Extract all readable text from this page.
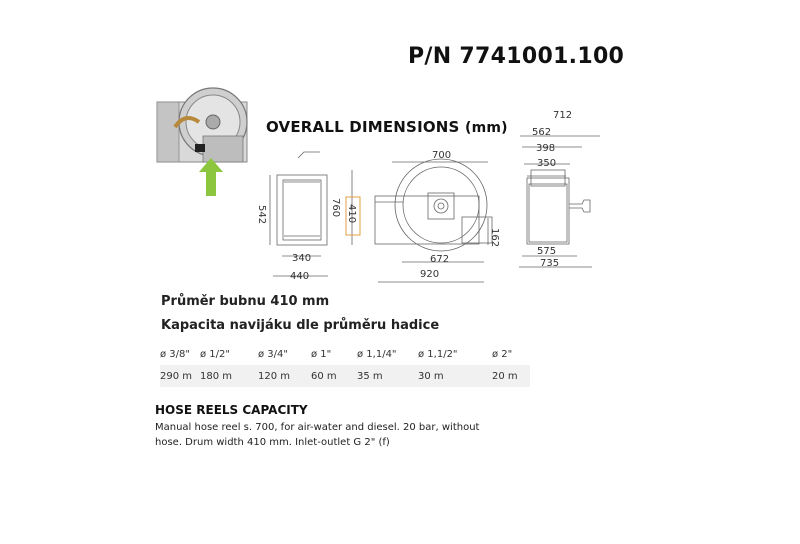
P/N 7741001.100
OVERALL DIMENSIONS (mm)
542
340
440
760 410
700
672
920
162
712
562
398
350
575
735
Průměr bubnu 410 mm
Kapacita navijáku dle průměru hadice
ø 3/8"	ø 1/2"	ø 3/4"	ø 1"	ø 1,1/4"	ø 1,1/2"	ø 2"
290 m	180 m	120 m	60 m	35 m	30 m	20 m
HOSE REELS CAPACITY
Manual hose reel s. 700, for air-water and diesel. 20 bar, without hose. Drum width 410 mm. Inlet-outlet G 2" (f)
